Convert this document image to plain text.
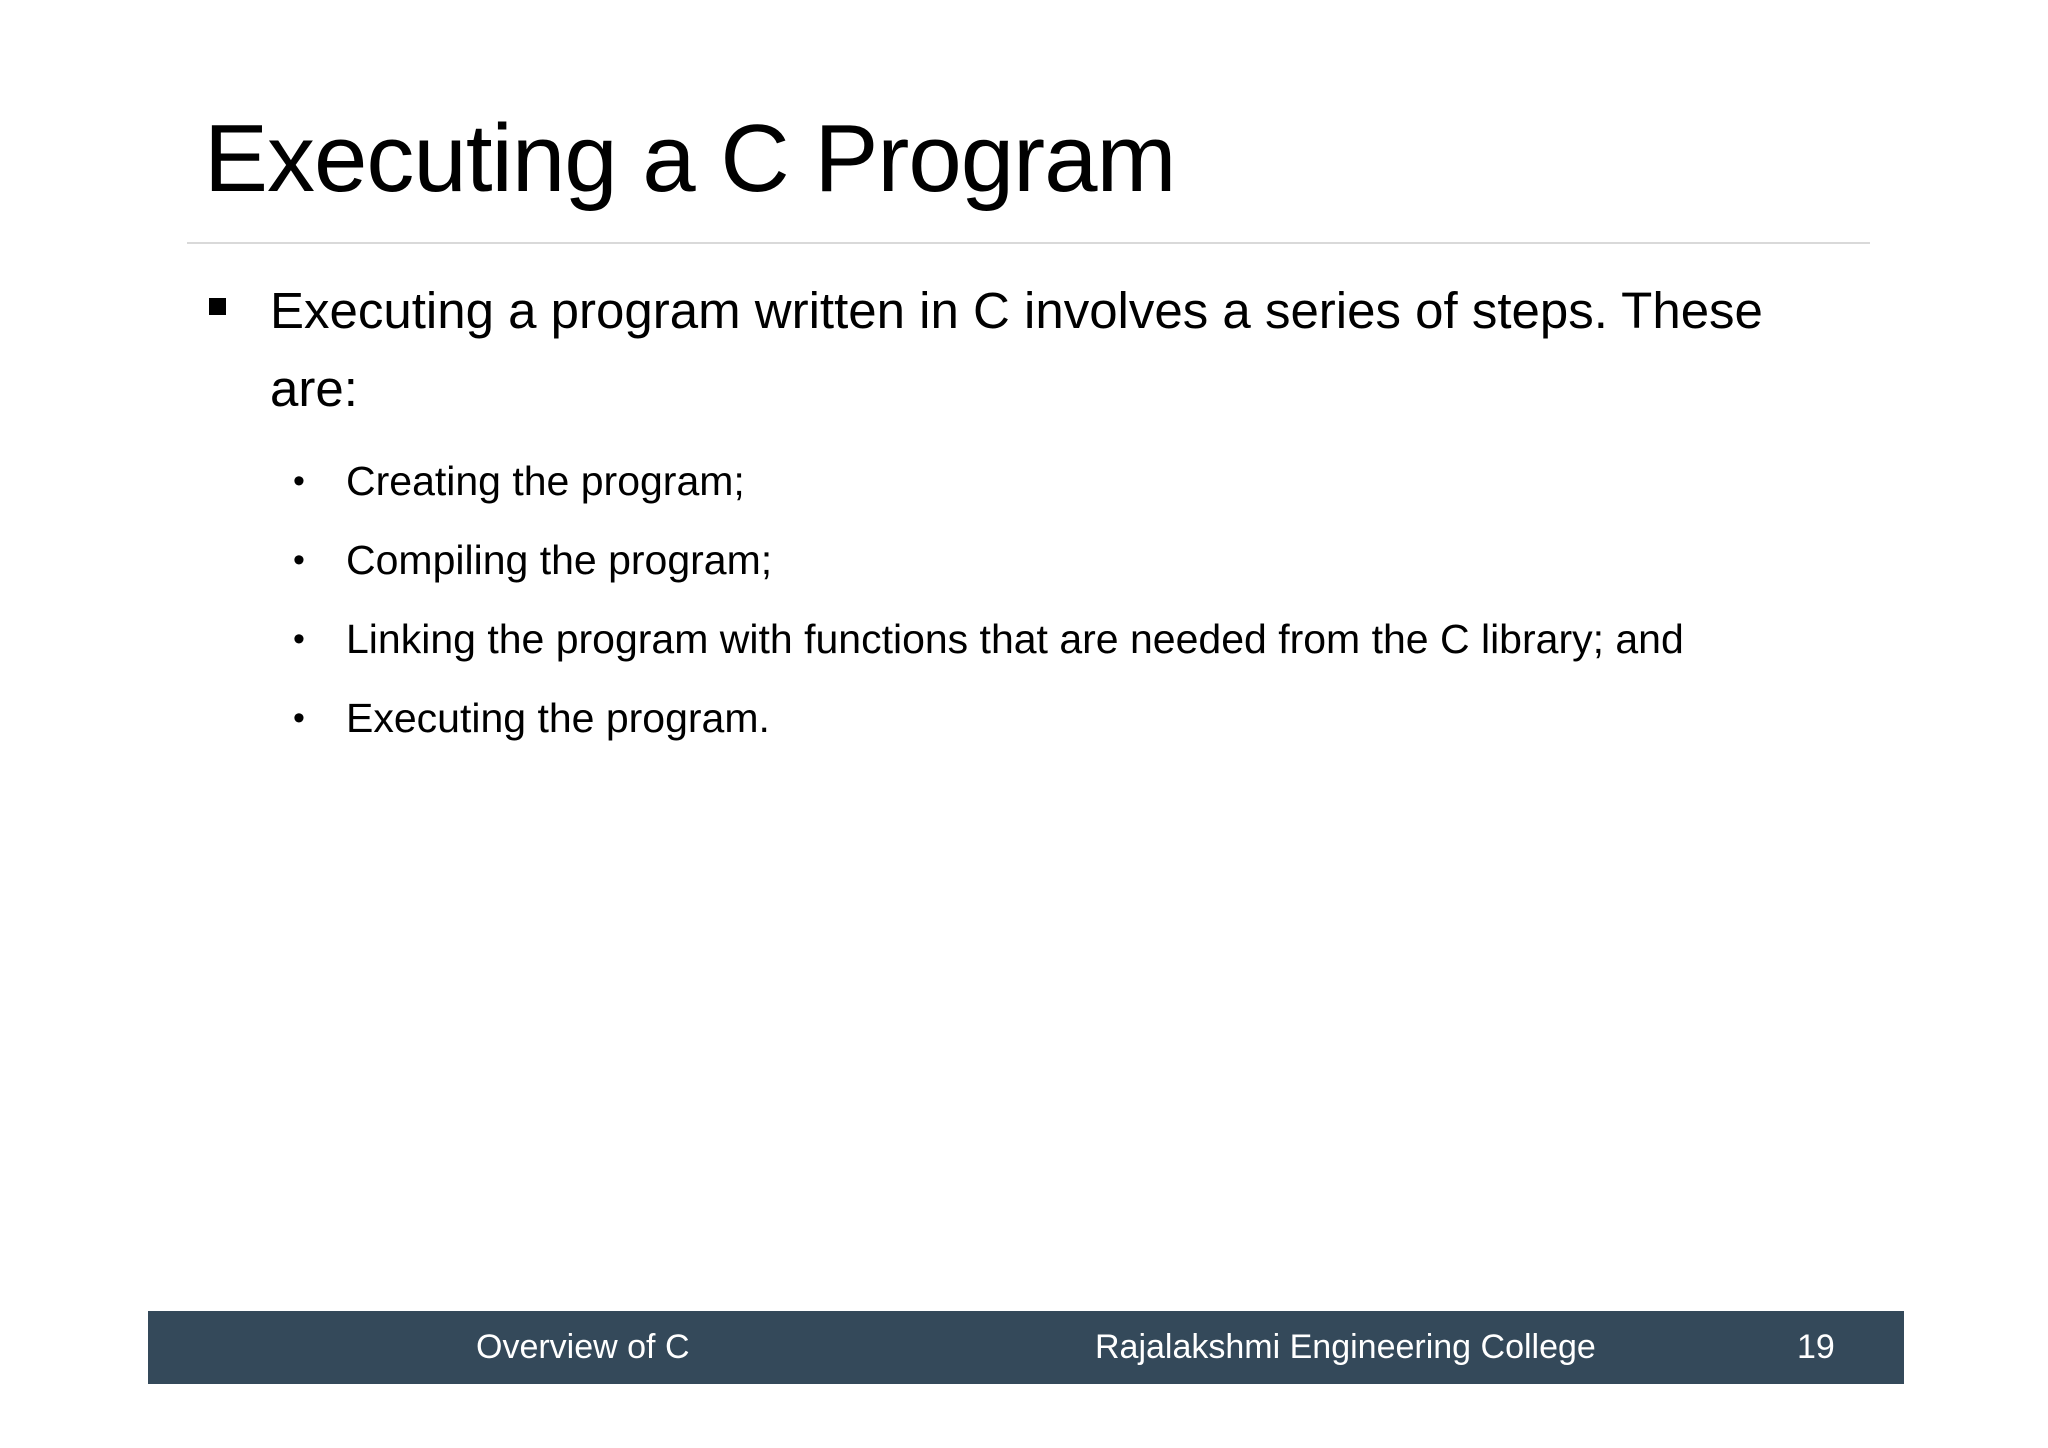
Executing a C Program
Executing a program written in C involves a series of steps. These are:
• Creating the program;
• Compiling the program;
• Linking the program with functions that are needed from the C library; and
• Executing the program.
Overview of C	Rajalakshmi Engineering College	19
